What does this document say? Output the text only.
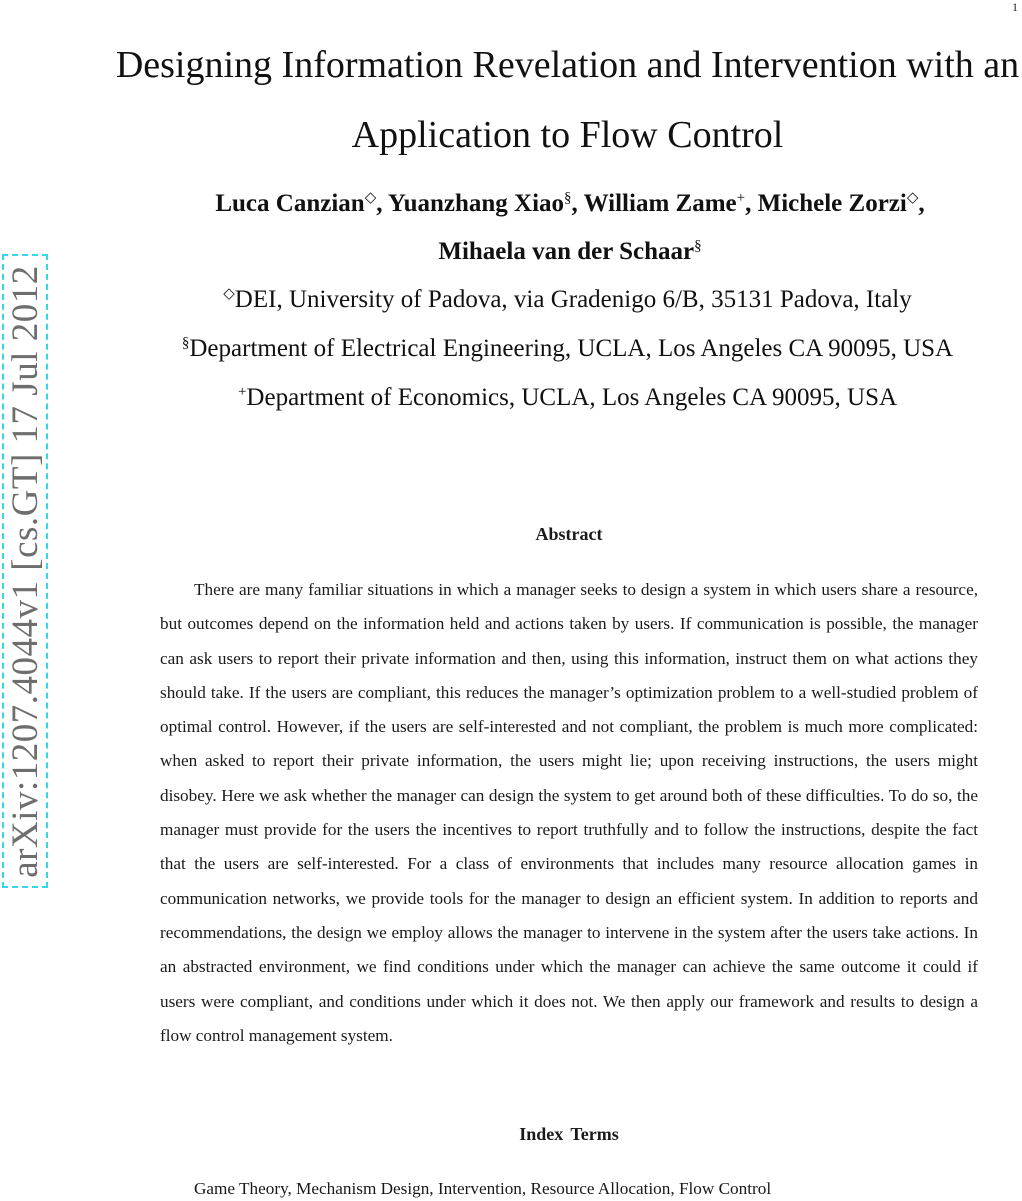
1
arXiv:1207.4044v1 [cs.GT] 17 Jul 2012
Designing Information Revelation and Intervention with an Application to Flow Control
Luca Canzian◇, Yuanzhang Xiao§, William Zame+, Michele Zorzi◇,
Mihaela van der Schaar§
◇DEI, University of Padova, via Gradenigo 6/B, 35131 Padova, Italy
§Department of Electrical Engineering, UCLA, Los Angeles CA 90095, USA
+Department of Economics, UCLA, Los Angeles CA 90095, USA
Abstract

There are many familiar situations in which a manager seeks to design a system in which users share a resource, but outcomes depend on the information held and actions taken by users. If communication is possible, the manager can ask users to report their private information and then, using this information, instruct them on what actions they should take. If the users are compliant, this reduces the manager’s optimization problem to a well-studied problem of optimal control. However, if the users are self-interested and not compliant, the problem is much more complicated: when asked to report their private information, the users might lie; upon receiving instructions, the users might disobey. Here we ask whether the manager can design the system to get around both of these difficulties. To do so, the manager must provide for the users the incentives to report truthfully and to follow the instructions, despite the fact that the users are self-interested. For a class of environments that includes many resource allocation games in communication networks, we provide tools for the manager to design an efficient system. In addition to reports and recommendations, the design we employ allows the manager to intervene in the system after the users take actions. In an abstracted environment, we find conditions under which the manager can achieve the same outcome it could if users were compliant, and conditions under which it does not. We then apply our framework and results to design a flow control management system.

Index Terms

Game Theory, Mechanism Design, Intervention, Resource Allocation, Flow Control
